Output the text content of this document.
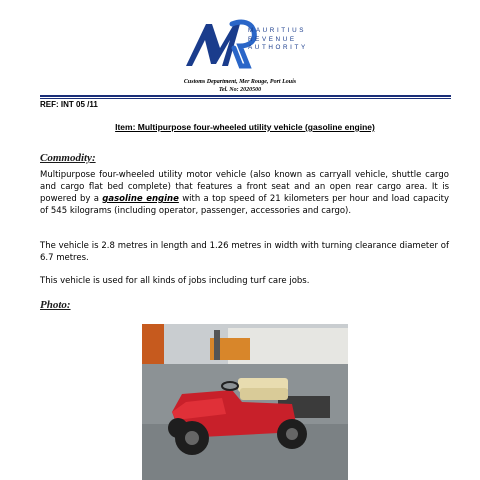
MAURITIUS
REVENUE
AUTHORITY
Customs Department, Mer Rouge, Port Louis
Tel. No: 2020500
REF: INT 05 /11
Item: Multipurpose four-wheeled utility vehicle (gasoline engine)
Commodity:
Multipurpose four-wheeled utility motor vehicle (also known as carryall vehicle, shuttle cargo and cargo flat bed complete) that features a front seat and an open rear cargo area. It is powered by a gasoline engine with a top speed of 21 kilometers per hour and load capacity of 545 kilograms (including operator, passenger, accessories and cargo).
The vehicle is 2.8 metres in length and 1.26 metres in width with turning clearance diameter of 6.7 metres.
This vehicle is used for all kinds of jobs including turf care jobs.
Photo:
